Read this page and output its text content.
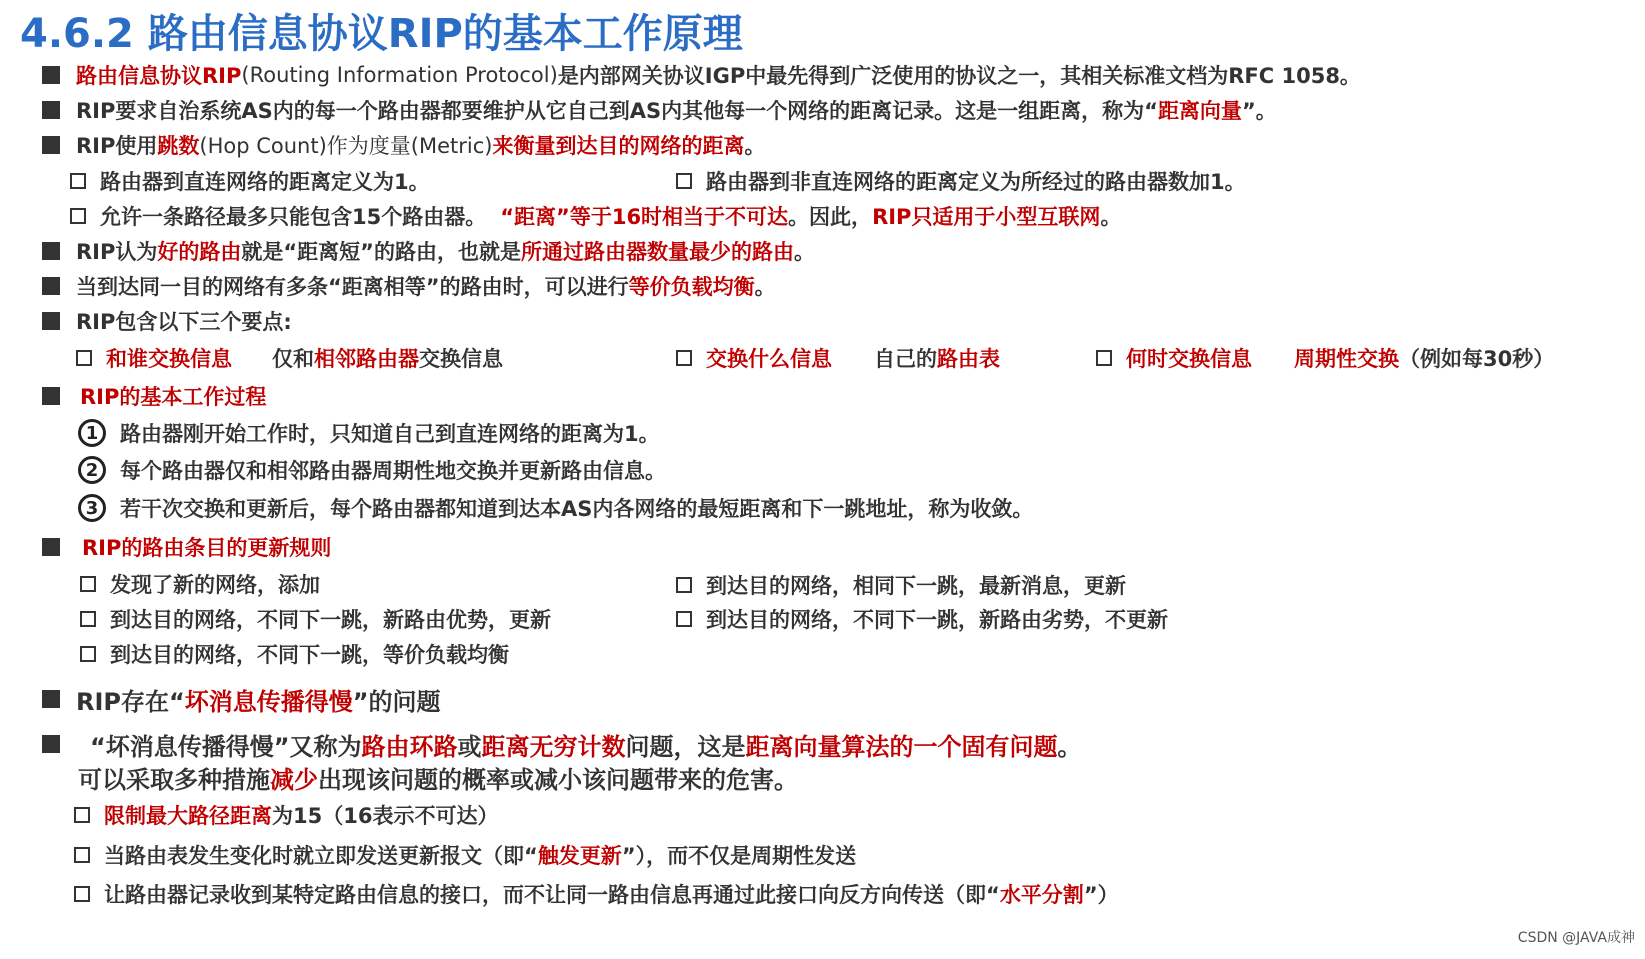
4.6.2 路由信息协议RIP的基本工作原理
路由信息协议RIP (Routing Information Protocol) 是内部网关协议IGP中最先得到广泛使用的协议之一，其相关标准文档为RFC 1058。
RIP要求自治系统AS内的每一个路由器都要维护从它自己到AS内其他每一个网络的距离记录。这是一组距离，称为“ 距离向量 ”。
RIP使用 跳数 (Hop Count)作为度量(Metric) 来衡量到达目的网络的距离 。
路由器到直连网络的距离定义为1。	路由器到非直连网络的距离定义为所经过的路由器数加1。
允许一条路径最多只能包含15个路由器。 “距离”等于16时相当于不可达 。因此， RIP只适用于小型互联网 。
RIP认为 好的路由 就是“距离短”的路由，也就是 所通过路由器数量最少的路由 。
当到达同一目的网络有多条“距离相等”的路由时，可以进行 等价负载均衡 。
RIP包含以下三个要点:
和谁交换信息 仅和 相邻路由器 交换信息	交换什么信息 自己的 路由表	何时交换信息 周期性交换 （例如每30秒）
RIP的基本工作过程
1	路由器刚开始工作时，只知道自己到直连网络的距离为1。
2	每个路由器仅和相邻路由器周期性地交换并更新路由信息。
3	若干次交换和更新后，每个路由器都知道到达本AS内各网络的最短距离和下一跳地址，称为收敛。
RIP的路由条目的更新规则
发现了新的网络，添加	到达目的网络，相同下一跳，最新消息，更新
到达目的网络，不同下一跳，新路由优势，更新	到达目的网络，不同下一跳，新路由劣势，不更新
到达目的网络，不同下一跳，等价负载均衡
RIP存在“ 坏消息传播得慢 ”的问题
“坏消息传播得慢”又称为 路由环路 或 距离无穷计数 问题，这是 距离向量算法的一个固有问题 。
可以采取多种措施 减少 出现该问题的概率或减小该问题带来的危害。
限制最大路径距离 为15（16表示不可达）
当路由表发生变化时就立即发送更新报文（即“ 触发更新 ”），而不仅是周期性发送
让路由器记录收到某特定路由信息的接口，而不让同一路由信息再通过此接口向反方向传送（即“ 水平分割 ”）
CSDN @JAVA成神
